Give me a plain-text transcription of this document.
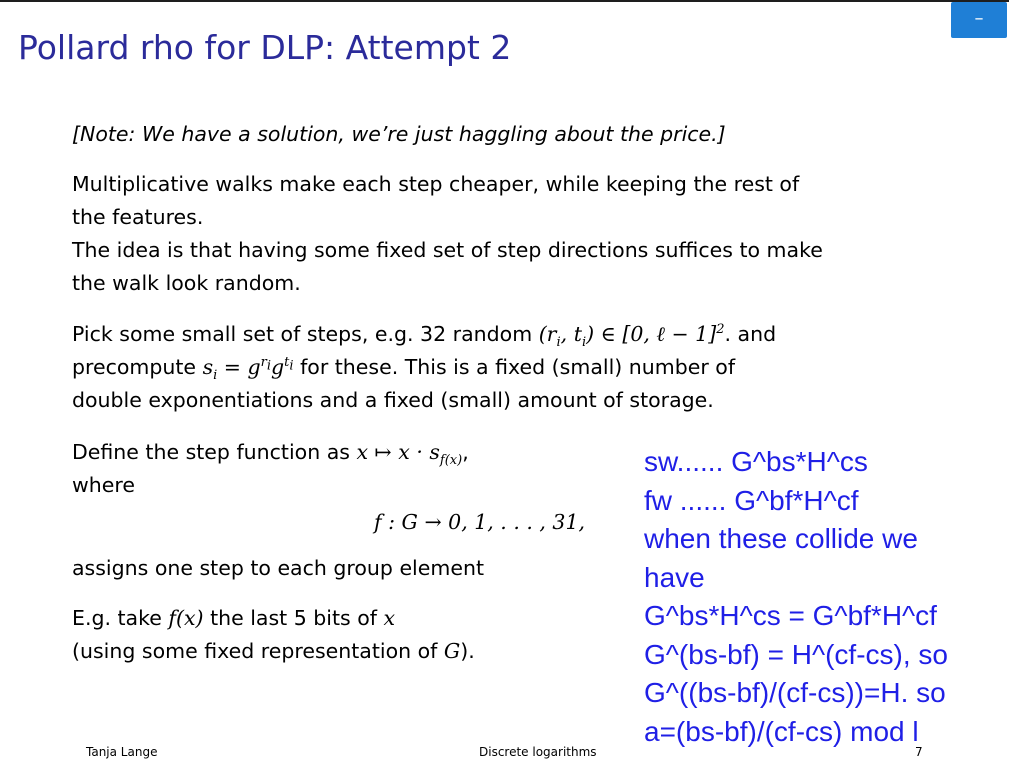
–
Pollard rho for DLP: Attempt 2
[Note: We have a solution, we’re just haggling about the price.]
Multiplicative walks make each step cheaper, while keeping the rest of
the features.
The idea is that having some fixed set of step directions suffices to make
the walk look random.
Pick some small set of steps, e.g. 32 random ($r_i$, $t_i$) ∈ [0, ℓ − 1]$^2$. and
precompute $s_i = g^{r_i}g^{t_i}$ for these. This is a fixed (small) number of
double exponentiations and a fixed (small) amount of storage.
Define the step function as x ↦ $x \cdot s_{f(x)}$,
where
f : G → 0, 1, . . . , 31,
assigns one step to each group element
E.g. take f(x) the last 5 bits of x
(using some fixed representation of G).
sw...... G^bs*H^cs
fw ...... G^bf*H^cf
when these collide we
have
G^bs*H^cs = G^bf*H^cf
G^(bs-bf) = H^(cf-cs), so
G^((bs-bf)/(cf-cs))=H. so
a=(bs-bf)/(cf-cs) mod l
Tanja Lange	Discrete logarithms	7
